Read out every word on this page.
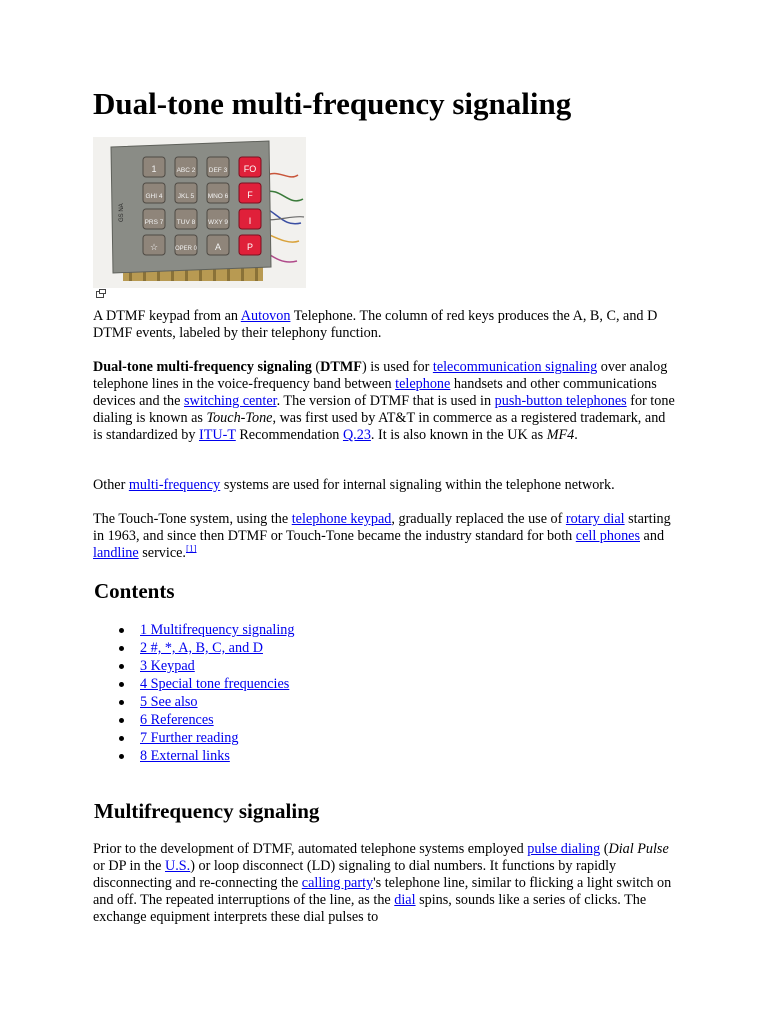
Dual-tone multi-frequency signaling
GS NA
1	ABC 2 DEF 3 FO
GHI 4 JKL 5 MNO 6 F
PRS 7 TUV 8 WXY 9 I
☆	OPER 0 A	P

A DTMF keypad from an Autovon Telephone. The column of red keys produces the A, B, C, and D DTMF events, labeled by their telephony function.

Dual-tone multi-frequency signaling (DTMF) is used for telecommunication signaling over analog telephone lines in the voice-frequency band between telephone handsets and other communications devices and the switching center. The version of DTMF that is used in push-button telephones for tone dialing is known as Touch-Tone, was first used by AT&T in commerce as a registered trademark, and is standardized by ITU-T Recommendation Q.23. It is also known in the UK as MF4.

Other multi-frequency systems are used for internal signaling within the telephone network.

The Touch-Tone system, using the telephone keypad, gradually replaced the use of rotary dial starting in 1963, and since then DTMF or Touch-Tone became the industry standard for both cell phones and landline service.[1]

Contents
1 Multifrequency signaling
2 #, *, A, B, C, and D
3 Keypad
4 Special tone frequencies
5 See also
6 References
7 Further reading
8 External links
Multifrequency signaling

Prior to the development of DTMF, automated telephone systems employed pulse dialing (Dial Pulse or DP in the U.S.) or loop disconnect (LD) signaling to dial numbers. It functions by rapidly disconnecting and re-connecting the calling party's telephone line, similar to flicking a light switch on and off. The repeated interruptions of the line, as the dial spins, sounds like a series of clicks. The exchange equipment interprets these dial pulses to
